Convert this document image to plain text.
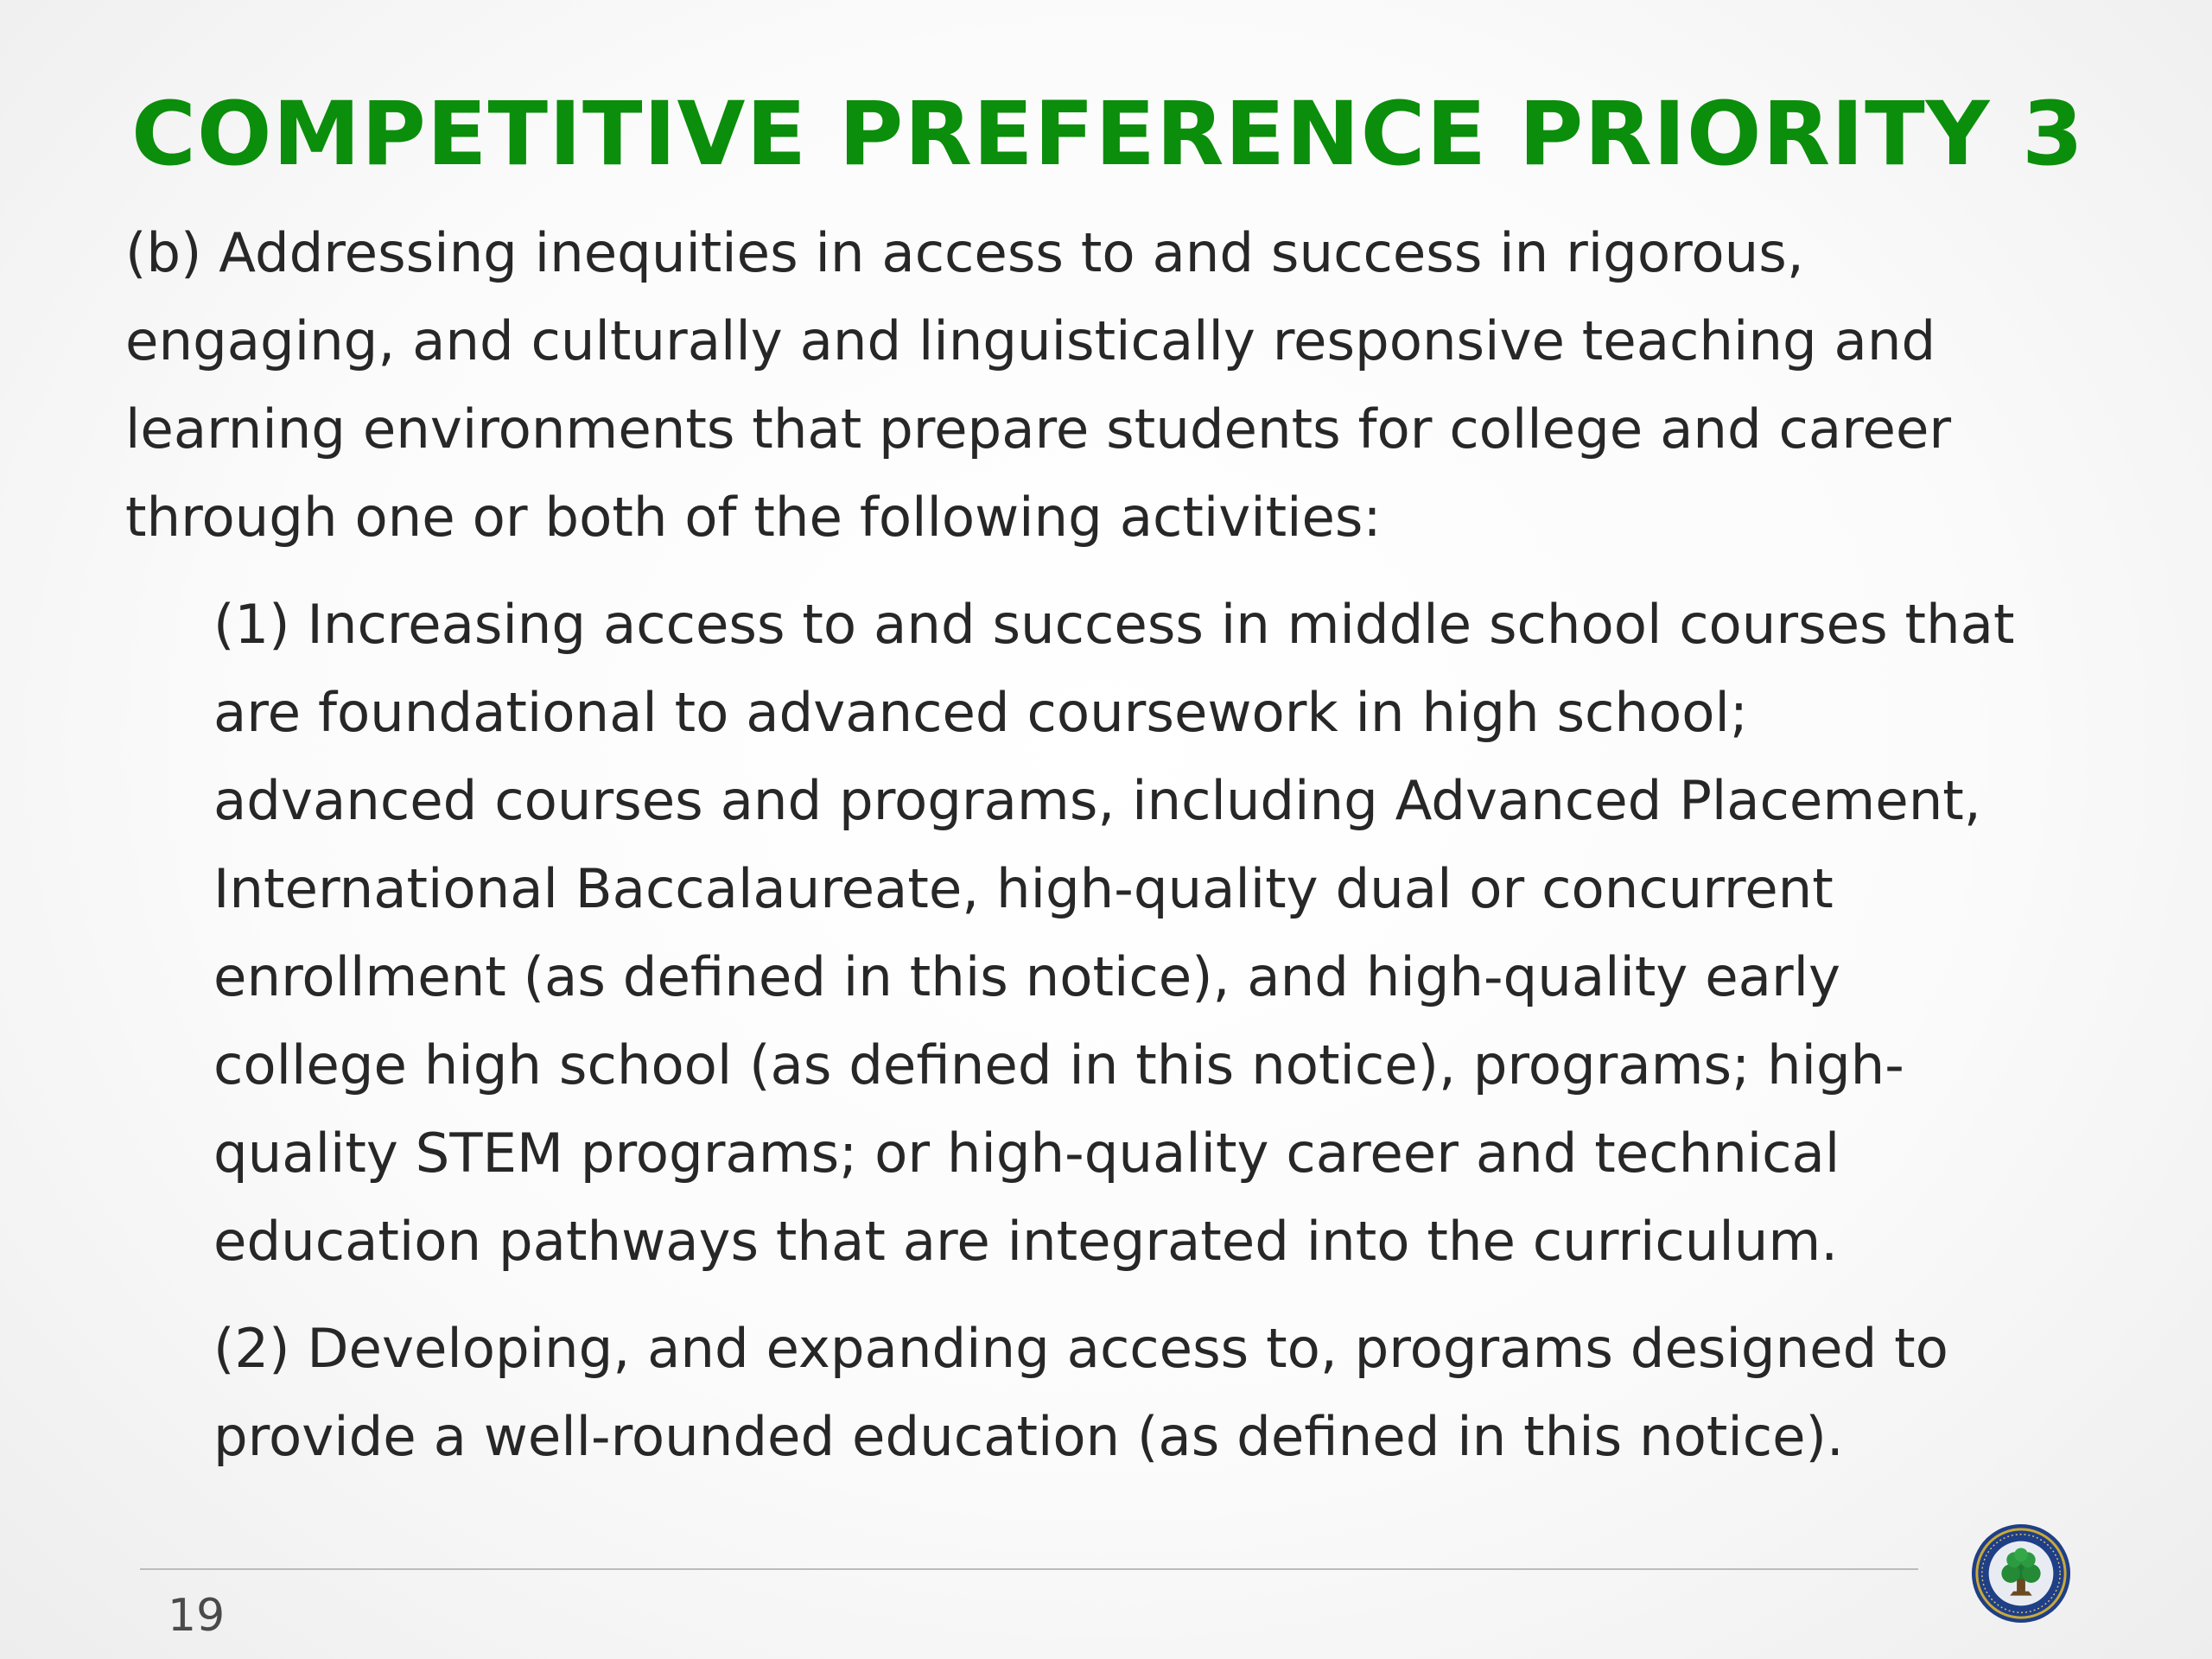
COMPETITIVE PREFERENCE PRIORITY 3
(b) Addressing inequities in access to and success in rigorous,
engaging, and culturally and linguistically responsive teaching and
learning environments that prepare students for college and career
through one or both of the following activities:
(1) Increasing access to and success in middle school courses that
are foundational to advanced coursework in high school;
advanced courses and programs, including Advanced Placement,
International Baccalaureate, high-quality dual or concurrent
enrollment (as defined in this notice), and high-quality early
college high school (as defined in this notice), programs; high-
quality STEM programs; or high-quality career and technical
education pathways that are integrated into the curriculum.
(2) Developing, and expanding access to, programs designed to
provide a well-rounded education (as defined in this notice).
19
